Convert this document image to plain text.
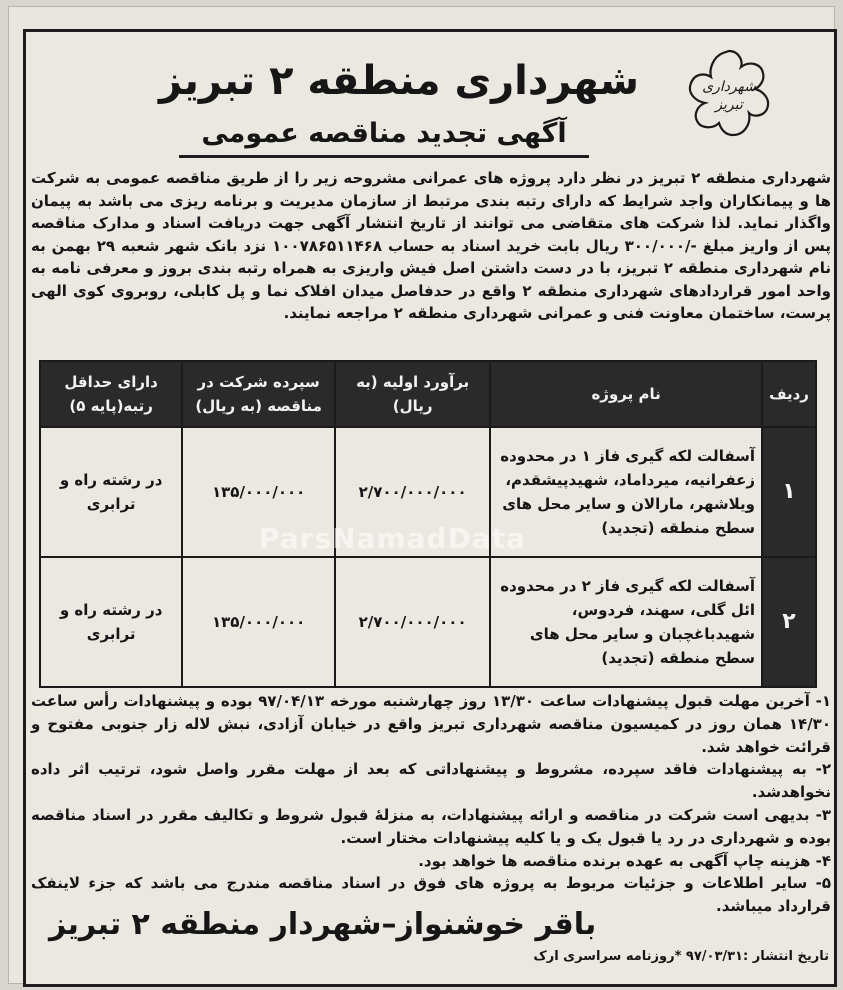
شهرداری
تبریز
شهرداری منطقه ۲ تبریز
آگهی تجدید مناقصه عمومی
شهرداری منطقه ۲ تبریز در نظر دارد پروژه های عمرانی مشروحه زیر را از طریق مناقصه عمومی به شرکت ها و پیمانکاران واجد شرایط که دارای رتبه بندی مرتبط از سازمان مدیریت و برنامه ریزی می باشد به پیمان واگذار نماید. لذا شرکت های متقاضی می توانند از تاریخ انتشار آگهی جهت دریافت اسناد و مدارک مناقصه پس از واریز مبلغ -/۳۰۰/۰۰۰ ریال بابت خرید اسناد به حساب ۱۰۰۷۸۶۵۱۱۴۶۸ نزد بانک شهر شعبه ۲۹ بهمن به نام شهرداری منطقه ۲ تبریز، با در دست داشتن اصل فیش واریزی به همراه رتبه بندی بروز و معرفی نامه به واحد امور قراردادهای شهرداری منطقه ۲ واقع در حدفاصل میدان افلاک نما و پل کابلی، روبروی کوی الهی پرست، ساختمان معاونت فنی و عمرانی شهرداری منطقه ۲ مراجعه نمایند.
ردیف	نام پروژه	برآورد اولیه (به ریال)	سپرده شرکت در مناقصه (به ریال)	دارای حداقل رتبه(پایه ۵)
۱	آسفالت لکه گیری فاز ۱ در محدوده زعفرانیه، میرداماد، شهیدپیشقدم، ویلاشهر، مارالان و سایر محل های سطح منطقه (تجدید)	۲/۷۰۰/۰۰۰/۰۰۰	۱۳۵/۰۰۰/۰۰۰	در رشته راه و ترابری
۲	آسفالت لکه گیری فاز ۲ در محدوده ائل گلی، سهند، فردوس، شهیدباغچبان و سایر محل های سطح منطقه (تجدید)	۲/۷۰۰/۰۰۰/۰۰۰	۱۳۵/۰۰۰/۰۰۰	در رشته راه و ترابری
ParsNamadData

۱- آخرین مهلت قبول پیشنهادات ساعت ۱۳/۳۰ روز چهارشنبه مورخه ۹۷/۰۴/۱۳ بوده و پیشنهادات رأس ساعت ۱۴/۳۰ همان روز در کمیسیون مناقصه شهرداری تبریز واقع در خیابان آزادی، نبش لاله زار جنوبی مفتوح و قرائت خواهد شد.

۲- به پیشنهادات فاقد سپرده، مشروط و پیشنهاداتی که بعد از مهلت مقرر واصل شود، ترتیب اثر داده نخواهدشد.

۳- بدیهی است شرکت در مناقصه و ارائه پیشنهادات، به منزلهٔ قبول شروط و تکالیف مقرر در اسناد مناقصه بوده و شهرداری در رد یا قبول یک و یا کلیه پیشنهادات مختار است.

۴- هزینه چاپ آگهی به عهده برنده مناقصه ها خواهد بود.

۵- سایر اطلاعات و جزئیات مربوط به پروژه های فوق در اسناد مناقصه مندرج می باشد که جزء لاینفک قرارداد میباشد.

باقر خوشنواز–شهردار منطقه ۲ تبریز
تاریخ انتشار :۹۷/۰۳/۳۱ *روزنامه سراسری ارک
